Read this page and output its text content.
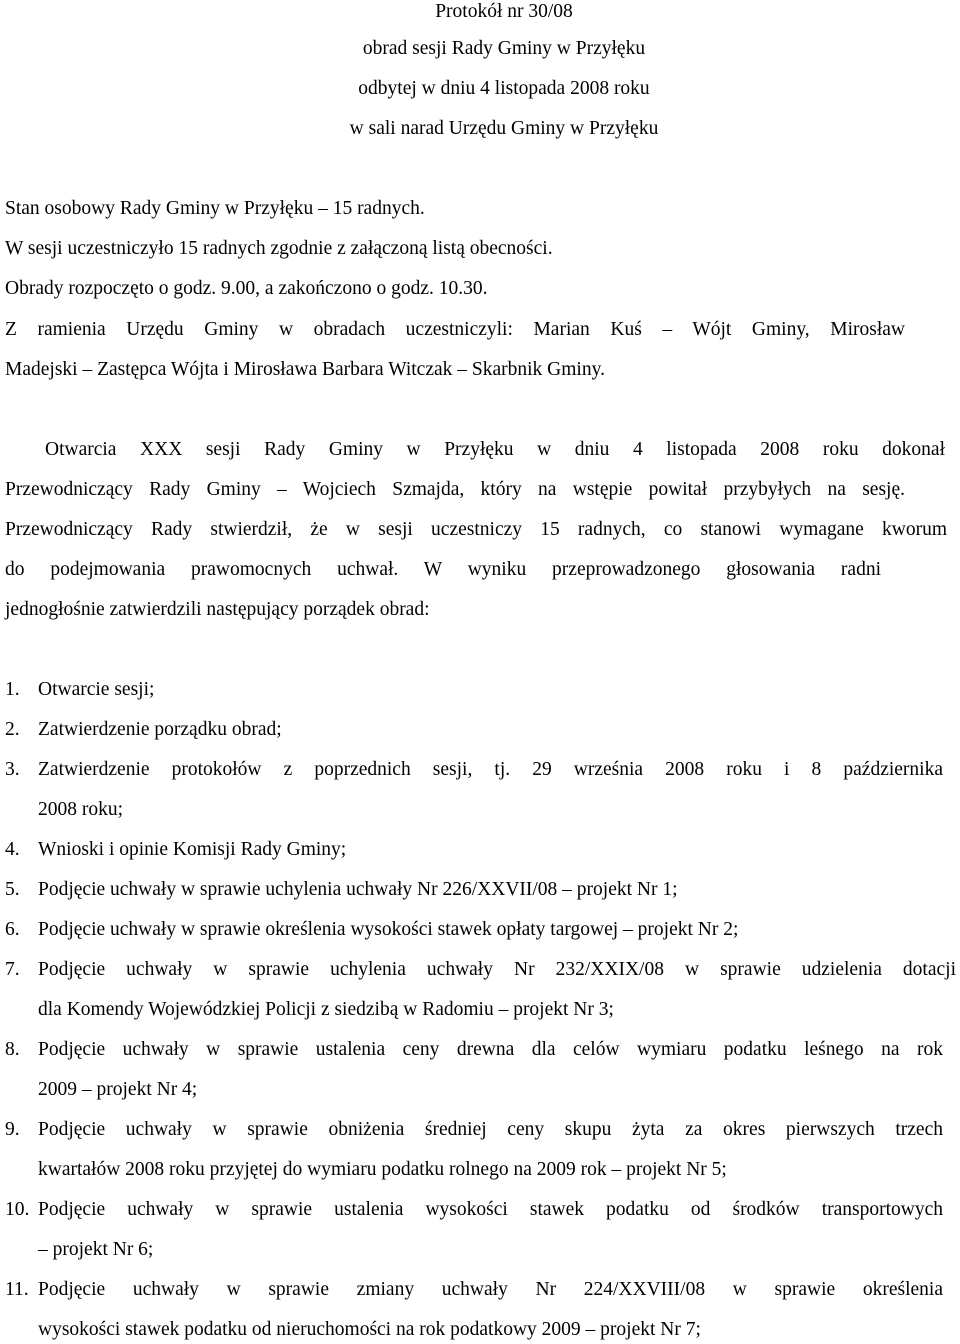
Protokół nr 30/08
obrad sesji Rady Gminy w Przyłęku
odbytej w dniu 4 listopada 2008 roku
w sali narad Urzędu Gminy w Przyłęku
Stan osobowy Rady Gminy w Przyłęku – 15 radnych.
W sesji uczestniczyło 15 radnych zgodnie z załączoną listą obecności.
Obrady rozpoczęto o godz. 9.00, a zakończono o godz. 10.30.
Z ramienia Urzędu Gminy w obradach uczestniczyli: Marian Kuś – Wójt Gminy, Mirosław
Madejski – Zastępca Wójta i Mirosława Barbara Witczak – Skarbnik Gminy.
Otwarcia XXX sesji Rady Gminy w Przyłęku w dniu 4 listopada 2008 roku dokonał
Przewodniczący Rady Gminy – Wojciech Szmajda, który na wstępie powitał przybyłych na sesję.
Przewodniczący Rady stwierdził, że w sesji uczestniczy 15 radnych, co stanowi wymagane kworum
do podejmowania prawomocnych uchwał. W wyniku przeprowadzonego głosowania radni
jednogłośnie zatwierdzili następujący porządek obrad:
1. Otwarcie sesji;
2. Zatwierdzenie porządku obrad;
3. Zatwierdzenie protokołów z poprzednich sesji, tj. 29 września 2008 roku i 8 października
2008 roku;
4. Wnioski i opinie Komisji Rady Gminy;
5. Podjęcie uchwały w sprawie uchylenia uchwały Nr 226/XXVII/08 – projekt Nr 1;
6. Podjęcie uchwały w sprawie określenia wysokości stawek opłaty targowej – projekt Nr 2;
7. Podjęcie uchwały w sprawie uchylenia uchwały Nr 232/XXIX/08 w sprawie udzielenia dotacji
dla Komendy Wojewódzkiej Policji z siedzibą w Radomiu – projekt Nr 3;
8. Podjęcie uchwały w sprawie ustalenia ceny drewna dla celów wymiaru podatku leśnego na rok
2009 – projekt Nr 4;
9. Podjęcie uchwały w sprawie obniżenia średniej ceny skupu żyta za okres pierwszych trzech
kwartałów 2008 roku przyjętej do wymiaru podatku rolnego na 2009 rok – projekt Nr 5;
10. Podjęcie uchwały w sprawie ustalenia wysokości stawek podatku od środków transportowych
– projekt Nr 6;
11. Podjęcie uchwały w sprawie zmiany uchwały Nr 224/XXVIII/08 w sprawie określenia
wysokości stawek podatku od nieruchomości na rok podatkowy 2009 – projekt Nr 7;
